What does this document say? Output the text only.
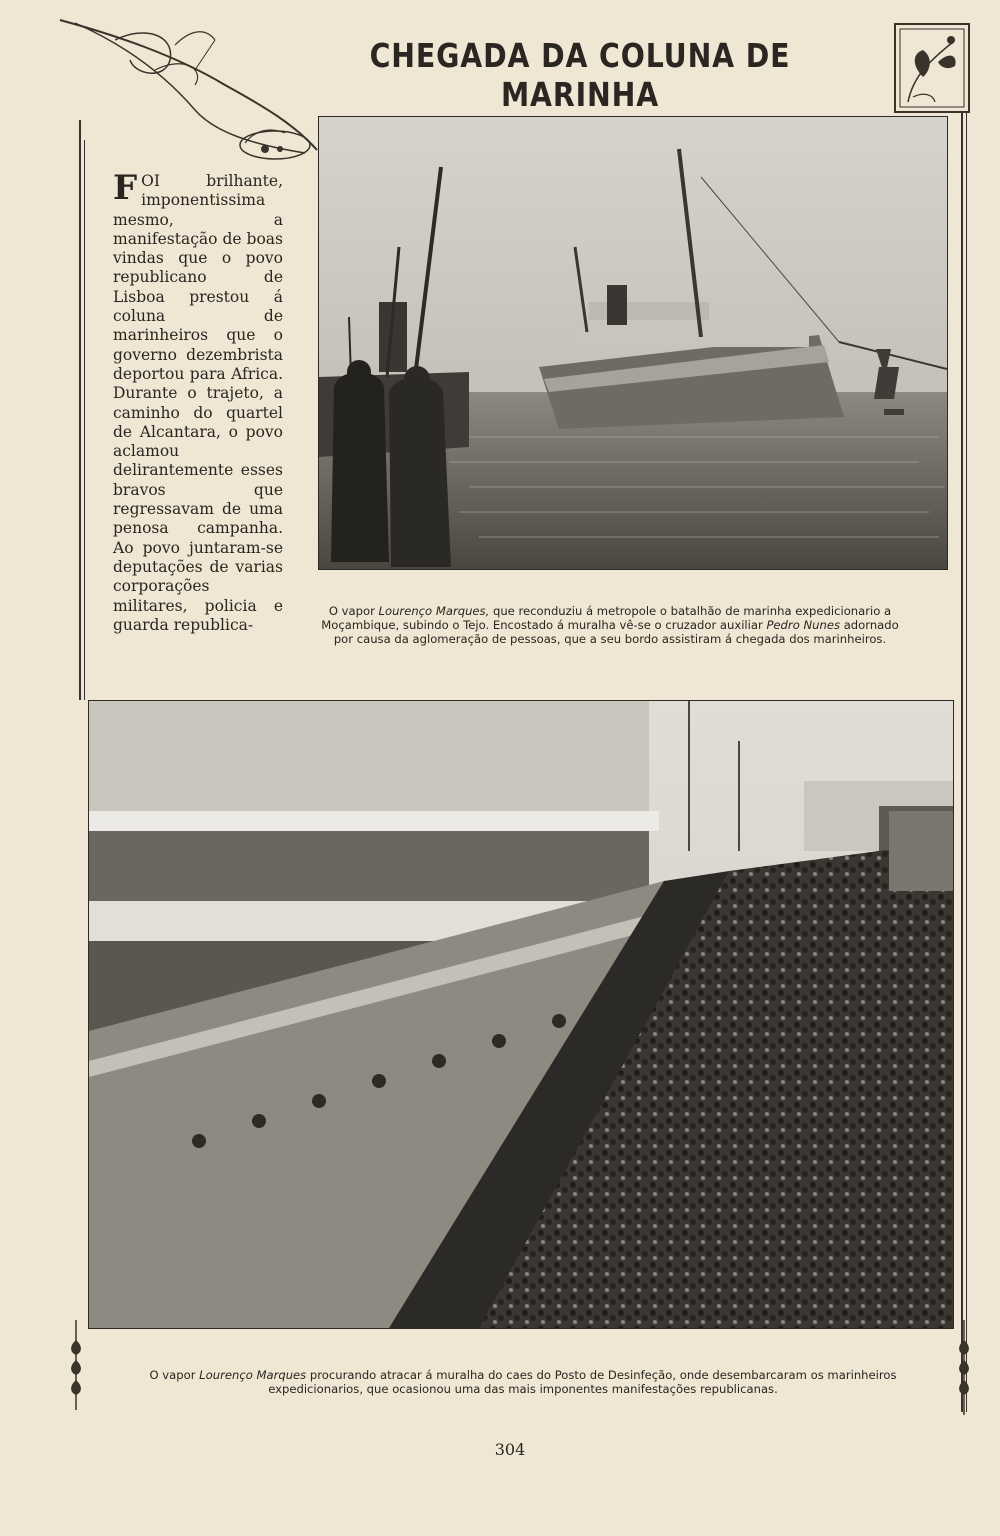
CHEGADA DA COLUNA DE MARINHA
FOI brilhante, imponentissima mesmo, a manifestação de boas vindas que o povo republicano de Lisboa prestou á coluna de marinheiros que o governo dezembrista deportou para Africa. Durante o trajeto, a caminho do quartel de Alcantara, o povo aclamou delirantemente esses bravos que regressavam de uma penosa campanha. Ao povo juntaram-se deputações de varias corporações militares, policia e guarda republica-
O vapor Lourenço Marques, que reconduziu á metropole o batalhão de marinha expedicionario a Moçambique, subindo o Tejo. Encostado á muralha vê-se o cruzador auxiliar Pedro Nunes adornado por causa da aglomeração de pessoas, que a seu bordo assistiram á chegada dos marinheiros.
O vapor Lourenço Marques procurando atracar á muralha do caes do Posto de Desinfeção, onde desembarcaram os marinheiros expedicionarios, que ocasionou uma das mais imponentes manifestações republicanas.
304
